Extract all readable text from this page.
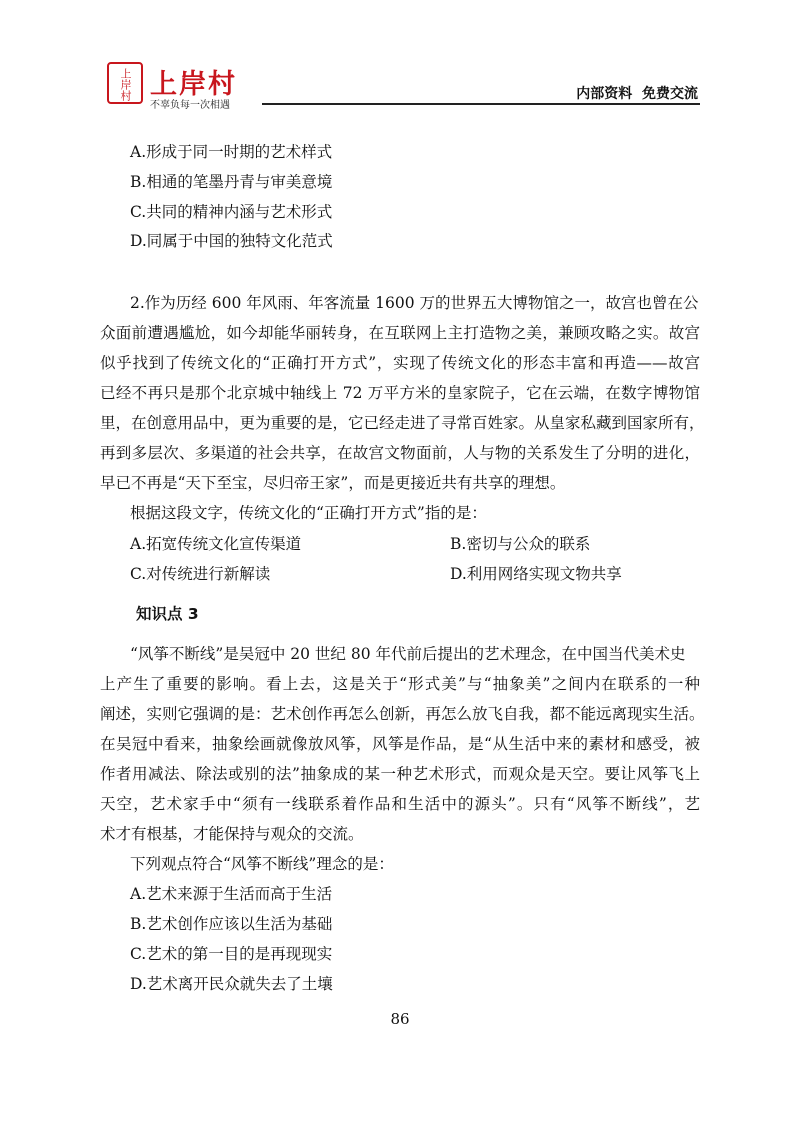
上岸村 上岸村
不辜负每一次相遇
内部资料  免费交流
A.形成于同一时期的艺术样式
B.相通的笔墨丹青与审美意境
C.共同的精神内涵与艺术形式
D.同属于中国的独特文化范式
2.作为历经 600 年风雨、年客流量 1600 万的世界五大博物馆之一，故宫也曾在公
众面前遭遇尴尬，如今却能华丽转身，在互联网上主打造物之美，兼顾攻略之实。故宫
似乎找到了传统文化的“正确打开方式”，实现了传统文化的形态丰富和再造——故宫
已经不再只是那个北京城中轴线上 72 万平方米的皇家院子，它在云端，在数字博物馆
里，在创意用品中，更为重要的是，它已经走进了寻常百姓家。从皇家私藏到国家所有，
再到多层次、多渠道的社会共享，在故宫文物面前，人与物的关系发生了分明的进化，
早已不再是“天下至宝，尽归帝王家”，而是更接近共有共享的理想。
根据这段文字，传统文化的“正确打开方式”指的是：
A.拓宽传统文化宣传渠道	B.密切与公众的联系
C.对传统进行新解读	D.利用网络实现文物共享
知识点 3
“风筝不断线”是吴冠中 20 世纪 80 年代前后提出的艺术理念，在中国当代美术史
上产生了重要的影响。看上去，这是关于“形式美”与“抽象美”之间内在联系的一种
阐述，实则它强调的是：艺术创作再怎么创新，再怎么放飞自我，都不能远离现实生活。
在吴冠中看来，抽象绘画就像放风筝，风筝是作品，是“从生活中来的素材和感受，被
作者用减法、除法或别的法”抽象成的某一种艺术形式，而观众是天空。要让风筝飞上
天空，艺术家手中“须有一线联系着作品和生活中的源头”。只有“风筝不断线”，艺
术才有根基，才能保持与观众的交流。
下列观点符合“风筝不断线”理念的是：
A.艺术来源于生活而高于生活
B.艺术创作应该以生活为基础
C.艺术的第一目的是再现现实
D.艺术离开民众就失去了土壤
86
